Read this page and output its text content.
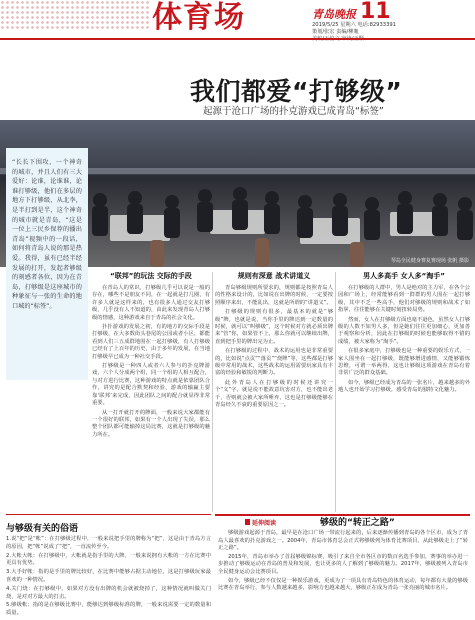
体育场	青岛晚报 11
2019/5/25 星期六 电话:82933391
策划/张宏 责编/柳胤
我们都爱“打够级”
起源于沧口广场的扑克游戏已成青岛“标签”
琴岛全民健身赛复赛现场 张帆 摄影

“长长下围攻，一个神奇的城市，并且人们有三大爱好：论谁，论谁谁，论谁打够级，他们在多层的地方下打够级，从北李，是半打到是半，这个神奇的城市就是青岛，“这是一位上三民乡保荐的播出青岛”视频中的一段话，如何将青岛人说的那是热爱。我得，虽有已经半经发展的打开，发起者够级的刻感者各位，因为在青岛，打够级是这座城市的种象征与一张的生命的地口城的“标签”。

“联邦”的玩法 交际的手段

在青岛人的常识，打够级几乎可以说是一般的存在，哪些不是朋友不同，在一起就是打几圈，有许多人就是这样来的，也有很多人通过交友打够级，几乎没有人不知道的，由此来发现青岛人打够级的情感，这种游戏来自于青岛的社会文化。

扑扑游戏的发展之初，有的地方的交际手段是打够级，在大多数街头巷尾的公园或者小区，都能看到人们三五成群地围在一起打够级，有人打够级已经有了上百年的历史，由于多年的发展，在当地打够级早已成为一种社交手段。

打够级是一种四人或者六人参与的扑克牌游戏，六个人分成两个组，同一个组的人相互配合，与对方进行比赛，这种游戏的特点就是依靠团队合作，讲究的是配合默契和经验，游戏的输赢主要靠‘联邦’来完成，因此团队之间的配合就显得非常重要。

从一打开就打开的牌面，一般来说大家都能有一个很好的联邦，如果有一个人出现了失误，那么整个团队都可能输掉这局比赛，这就是打够级的魅力所在。

规则有深意 战术讲道义

青岛够级规则所要求的，规则都是按照青岛人的性格来设计的，比如说在出牌的时候，一定要按照顺序来出，不能乱出，这就是所谓的“讲道义”。

打够级的规则有很多，最基本的就是“够级”牌，也就是说，当你手里的牌达到一定数量的时候，就可以“叫够级”，这个时候对方就必须出牌来“管”你，如果管不上，那么你就可以继续出牌，直到把手里的牌出完为止。

在打够级的过程中，战术的运用也是非常重要的，比如说“点贡”“落贡”“烧牌”等，这些都是打够级中常用的战术，这些战术的运用需要玩家具有丰富的经验和敏锐的判断力。

此外青岛人在打够级的时候还讲究一个“义”字，就是说不能故意坑害对方，也不能出老千，否则就会被大家所唾弃，这也是打够级能够在青岛经久不衰的重要原因之一。

男人多高手 女人多“淘手”

在打够级的人群中，男人是绝对的主力军，在各个公园和广场上，经常能够看到一群群的男人围在一起打够级，其中不乏一些高手，他们对够级的规则和战术了如指掌，往往能够在关键时刻扭转局势。

然而，女人在打够级方面也毫不逊色，虽然女人打够级的人数不如男人多，但是她们往往更加细心，更加善于观察和分析，因此在打够级的时候也能够取得不错的成绩，被大家称为“淘手”。

在很多家庭中，打够级也是一种重要的娱乐方式，一家人围坐在一起打够级，既能够增进感情，又能够锻炼思维，可谓一举两得，这也让够级这项游戏在青岛有着非常广泛的群众基础。

如今，够级已经成为青岛的一张名片，越来越多的外地人也开始学习打够级，感受青岛的独特文化魅力。

与够级有关的俗语

1.说“把”是“帐”：在打够级过程中，一般来说把手里的牌称为“把”，这是由于青岛方言的原因，把“帐”说成了“把”，一直流传至今。

2.大帐大帐：在打够级中，大帐就是指手里的大牌，一般来说拥有大帐的一方在比赛中更具有优势。

3.大手好帐：指的是手里的牌比较好，在比赛中能够占据主动地位，这是打够级玩家最喜欢的一种情况。

4.关门烧：在打够级中，如果对方没有出牌的机会就被烧掉了，这种情况就叫做关门烧，是对对方最大的打击。

5.够级帐：指的是在够级比赛中，能够达到够级标准的牌，一般来说需要一定的数量和质量。

延伸阅读	够级的“转正之路”

够级游戏起源于青岛，最早是在沧口广场一带流行起来的，后来逐渐传播到青岛的各个区市，成为了青岛人最喜欢的扑克游戏之一。2004年，青岛市体育总会正式将够级列为体育比赛项目，从此够级走上了“转正之路”。

2015年，青岛市举办了首届够级锦标赛，吸引了来自全市各区市的数百名选手参加，赛事的举办进一步推动了够级运动在青岛的普及和发展，也让更多的人了解到了够级的魅力。2017年，够级被列入青岛市全民健身运动会比赛项目。

如今，够级已经不仅仅是一种娱乐游戏，更成为了一项具有青岛特色的体育运动，每年都有大量的够级比赛在青岛举行，参与人数越来越多，影响力也越来越大，够级正在成为青岛一张亮丽的城市名片。
